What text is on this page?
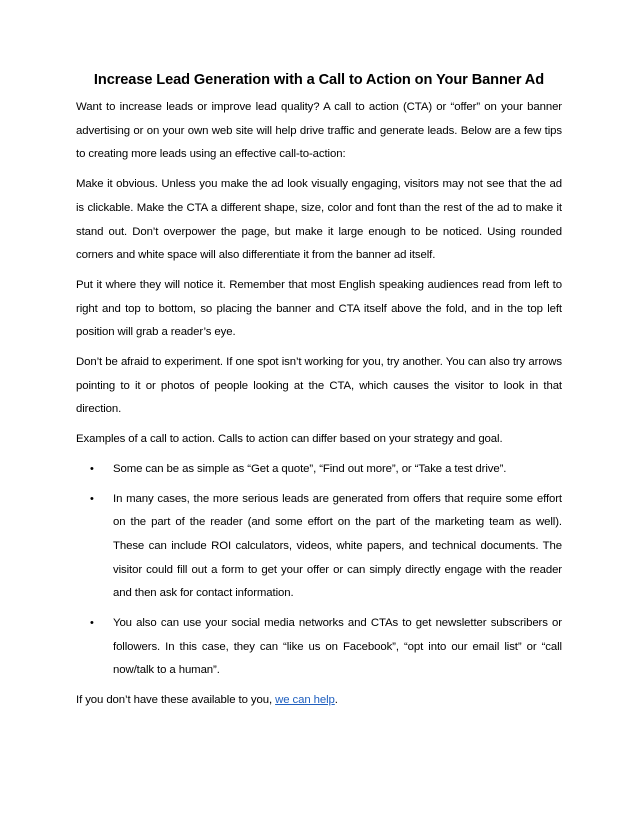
Increase Lead Generation with a Call to Action on Your Banner Ad

Want to increase leads or improve lead quality? A call to action (CTA) or “offer” on your banner advertising or on your own web site will help drive traffic and generate leads. Below are a few tips to creating more leads using an effective call-to-action:

Make it obvious. Unless you make the ad look visually engaging, visitors may not see that the ad is clickable. Make the CTA a different shape, size, color and font than the rest of the ad to make it stand out. Don’t overpower the page, but make it large enough to be noticed. Using rounded corners and white space will also differentiate it from the banner ad itself.

Put it where they will notice it. Remember that most English speaking audiences read from left to right and top to bottom, so placing the banner and CTA itself above the fold, and in the top left position will grab a reader’s eye.

Don’t be afraid to experiment. If one spot isn’t working for you, try another. You can also try arrows pointing to it or photos of people looking at the CTA, which causes the visitor to look in that direction.

Examples of a call to action. Calls to action can differ based on your strategy and goal.

• Some can be as simple as “Get a quote”, “Find out more”, or “Take a test drive”.
• In many cases, the more serious leads are generated from offers that require some effort on the part of the reader (and some effort on the part of the marketing team as well). These can include ROI calculators, videos, white papers, and technical documents. The visitor could fill out a form to get your offer or can simply directly engage with the reader and then ask for contact information.
• You also can use your social media networks and CTAs to get newsletter subscribers or followers. In this case, they can “like us on Facebook”, “opt into our email list” or “call now/talk to a human”.

If you don’t have these available to you, we can help.
